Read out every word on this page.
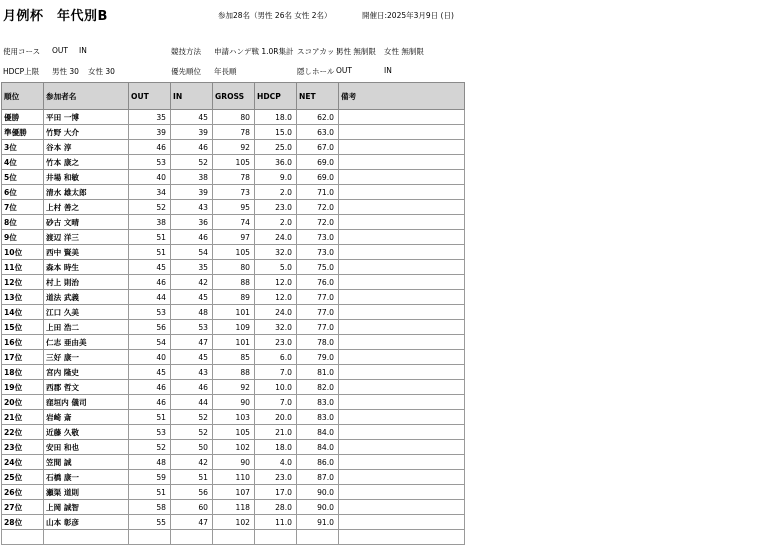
月例杯　年代別B	参加28名（男性 26名 女性 2名）	開催日:2025年3月9日 (日)
使用コース OUT IN	競技方法 申請ハンデ戦 1.0R集計 スコアカット
男性 無制限 女性 無制限
HDCP上限 男性 30 女性 30	優先順位 年長順	隠しホール OUT	IN
順位	参加者名	OUT	IN	GROSS	HDCP	NET	備考
優勝	平田 一博	35	45	80	18.0	62.0	
準優勝	竹野 大介	39	39	78	15.0	63.0	
3位	谷本 淳	46	46	92	25.0	67.0	
4位	竹本 康之	53	52	105	36.0	69.0	
5位	井場 和敏	40	38	78	9.0	69.0	
6位	清水 雄太郎	34	39	73	2.0	71.0	
7位	上村 善之	52	43	95	23.0	72.0	
8位	砂古 文晴	38	36	74	2.0	72.0	
9位	渡辺 洋三	51	46	97	24.0	73.0	
10位	西中 賢美	51	54	105	32.0	73.0	
11位	森本 時生	45	35	80	5.0	75.0	
12位	村上 則治	46	42	88	12.0	76.0	
13位	道法 武義	44	45	89	12.0	77.0	
14位	江口 久美	53	48	101	24.0	77.0	
15位	上田 浩二	56	53	109	32.0	77.0	
16位	仁志 亜由美	54	47	101	23.0	78.0	
17位	三好 康一	40	45	85	6.0	79.0	
18位	宮内 隆史	45	43	88	7.0	81.0	
19位	西郡 哲文	46	46	92	10.0	82.0	
20位	窪垣内 儀司	46	44	90	7.0	83.0	
21位	岩崎 斎	51	52	103	20.0	83.0	
22位	近藤 久敬	53	52	105	21.0	84.0	
23位	安田 和也	52	50	102	18.0	84.0	
24位	笠間 誠	48	42	90	4.0	86.0	
25位	石橋 康一	59	51	110	23.0	87.0	
26位	瀬渠 道則	51	56	107	17.0	90.0	
27位	上岡 誠智	58	60	118	28.0	90.0	
28位	山本 彰彦	55	47	102	11.0	91.0	
